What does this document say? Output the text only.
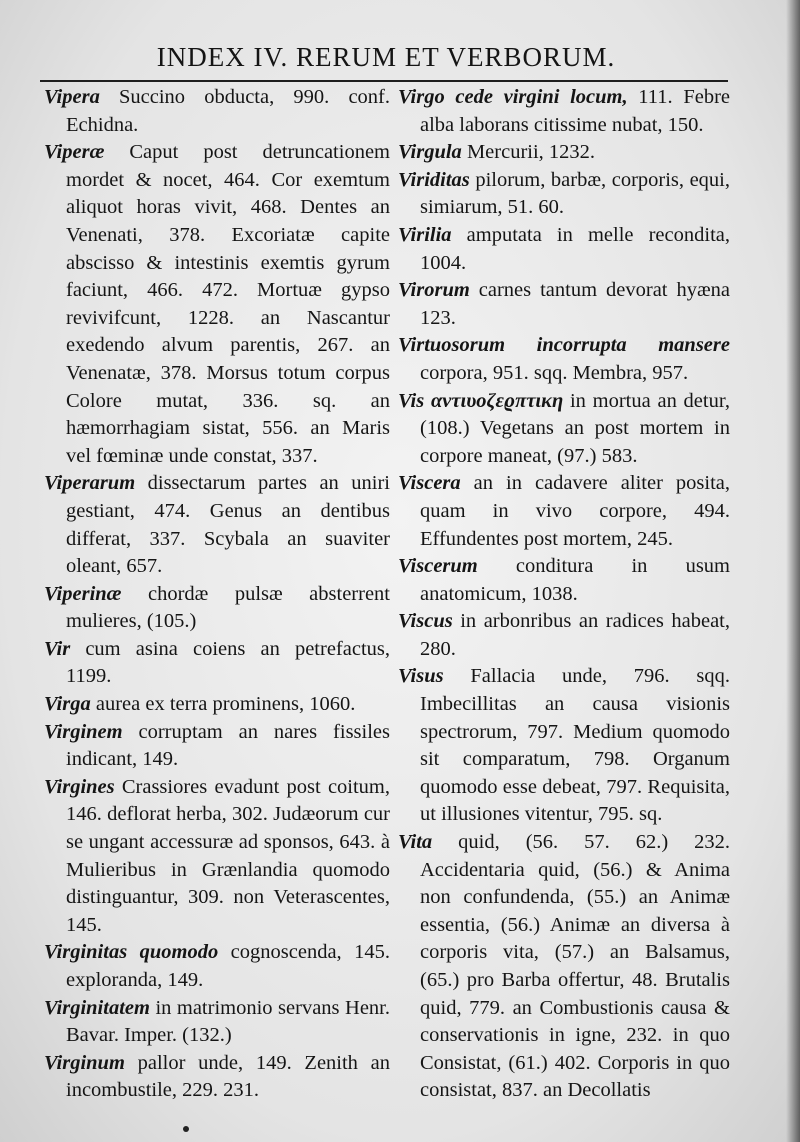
INDEX IV. RERUM ET VERBORUM.

Vipera Succino obducta, 990. conf. Echidna.

Viperæ Caput post detruncationem mordet & nocet, 464. Cor exemtum aliquot horas vivit, 468. Dentes an Venenati, 378. Excoriatæ capite abscisso & intestinis exemtis gyrum faciunt, 466. 472. Mortuæ gypso revivifcunt, 1228. an Nascantur exedendo alvum parentis, 267. an Venenatæ, 378. Morsus totum corpus Colore mutat, 336. sq. an hæmorrhagiam sistat, 556. an Maris vel fœminæ unde constat, 337.

Viperarum dissectarum partes an uniri gestiant, 474. Genus an dentibus differat, 337. Scybala an suaviter oleant, 657.

Viperinæ chordæ pulsæ absterrent mulieres, (105.)

Vir cum asina coiens an petrefactus, 1199.

Virga aurea ex terra prominens, 1060.

Virginem corruptam an nares fissiles indicant, 149.

Virgines Crassiores evadunt post coitum, 146. deflorat herba, 302. Judæorum cur se ungant accessuræ ad sponsos, 643. à Mulieribus in Grænlandia quomodo distinguantur, 309. non Veterascentes, 145.

Virginitas quomodo cognoscenda, 145. exploranda, 149.

Virginitatem in matrimonio servans Henr. Bavar. Imper. (132.)

Virginum pallor unde, 149. Zenith an incombustile, 229. 231.

Virgo cede virgini locum, 111. Febre alba laborans citissime nubat, 150.

Virgula Mercurii, 1232.

Viriditas pilorum, barbæ, corporis, equi, simiarum, 51. 60.

Virilia amputata in melle recondita, 1004.

Virorum carnes tantum devorat hyæna 123.

Virtuosorum incorrupta mansere corpora, 951. sqq. Membra, 957.

Vis αντιυοζεϱπτικη in mortua an detur, (108.) Vegetans an post mortem in corpore maneat, (97.) 583.

Viscera an in cadavere aliter posita, quam in vivo corpore, 494. Effundentes post mortem, 245.

Viscerum conditura in usum anatomicum, 1038.

Viscus in arbonribus an radices habeat, 280.

Visus Fallacia unde, 796. sqq. Imbecillitas an causa visionis spectrorum, 797. Medium quomodo sit comparatum, 798. Organum quomodo esse debeat, 797. Requisita, ut illusiones vitentur, 795. sq.

Vita quid, (56. 57. 62.) 232. Accidentaria quid, (56.) & Anima non confundenda, (55.) an Animæ essentia, (56.) Animæ an diversa à corporis vita, (57.) an Balsamus, (65.) pro Barba offertur, 48. Brutalis quid, 779. an Combustionis causa & conservationis in igne, 232. in quo Consistat, (61.) 402. Corporis in quo consistat, 837. an Decollatis
